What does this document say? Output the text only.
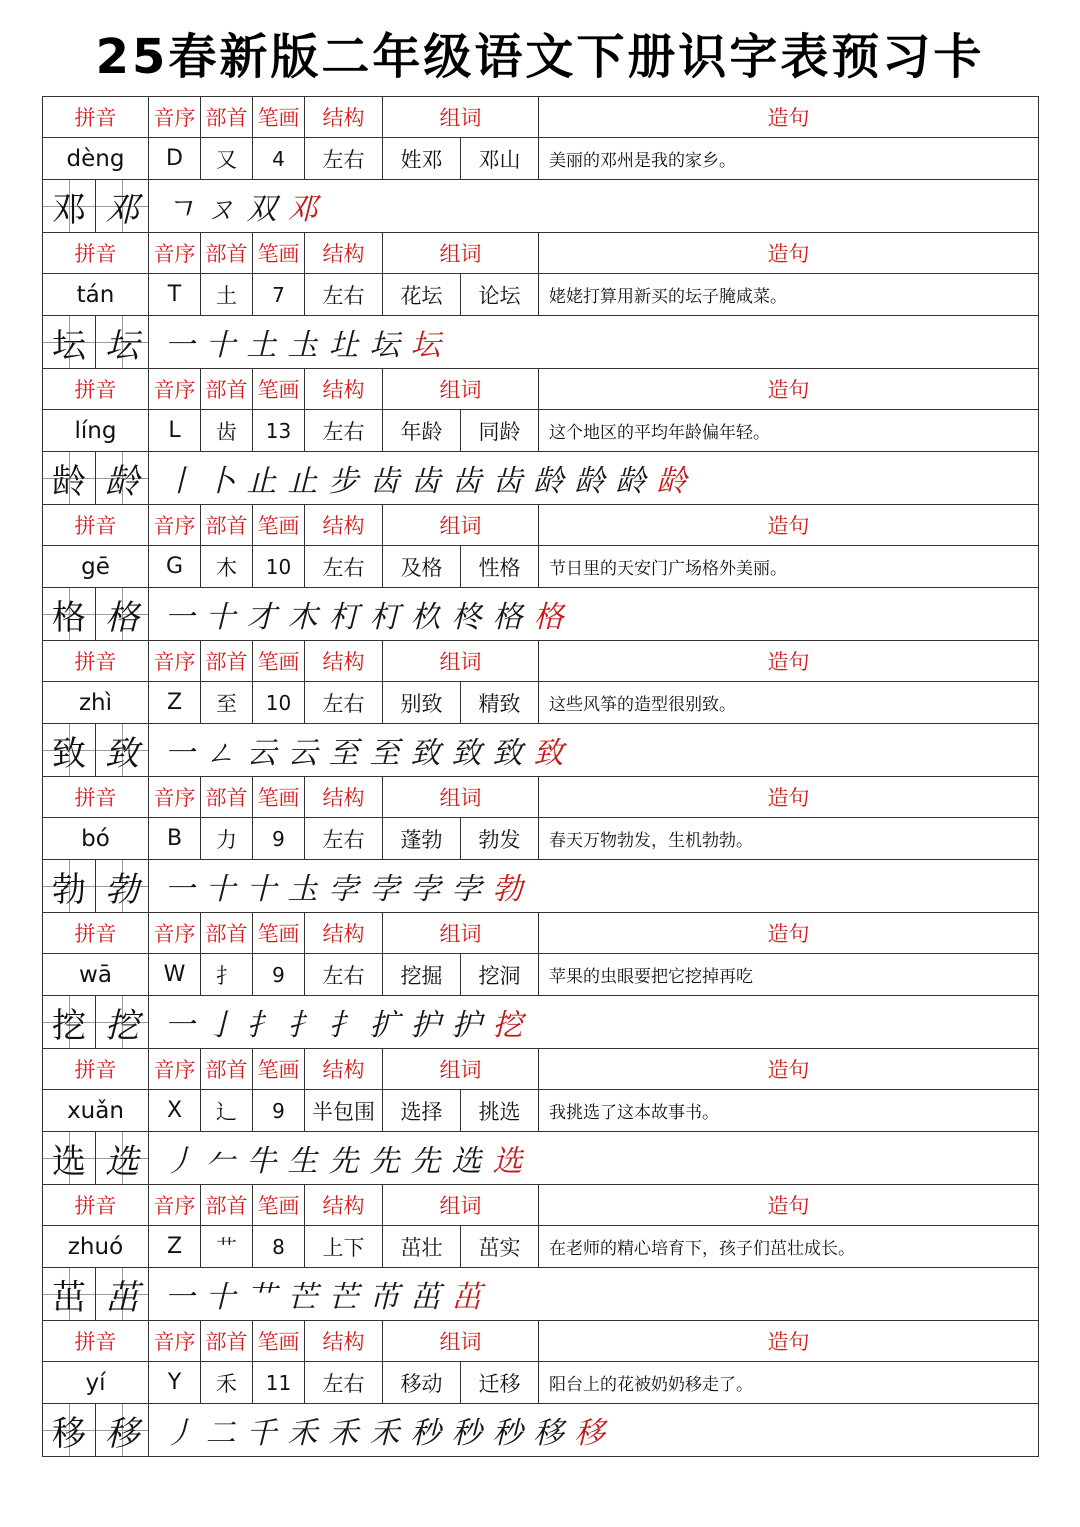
25春新版二年级语文下册识字表预习卡
拼音		音序	部首	笔画	结构	组词		造句
dèng		D	又	4	左右	姓邓	邓山	美丽的邓州是我的家乡。
邓	邓	ㄱ ㄡ 双 邓						
拼音		音序	部首	笔画	结构	组词		造句
tán		T	土	7	左右	花坛	论坛	姥姥打算用新买的坛子腌咸菜。
坛	坛	一 十 土 圡 圵 坛 坛						
拼音		音序	部首	笔画	结构	组词		造句
líng		L	齿	13	左右	年龄	同龄	这个地区的平均年龄偏年轻。
龄	龄	丨 卜 止 止 步 齿 齿 齿 齿 龄 龄 龄 龄						
拼音		音序	部首	笔画	结构	组词		造句
gē		G	木	10	左右	及格	性格	节日里的天安门广场格外美丽。
格	格	一 十 才 木 朾 朾 杦 柊 格 格						
拼音		音序	部首	笔画	结构	组词		造句
zhì		Z	至	10	左右	别致	精致	这些风筝的造型很别致。
致	致	一 ㄥ 云 云 至 至 致 致 致 致						
拼音		音序	部首	笔画	结构	组词		造句
bó		B	力	9	左右	蓬勃	勃发	春天万物勃发，生机勃勃。
勃	勃	一 十 十 圡 孛 孛 孛 孛 勃						
拼音		音序	部首	笔画	结构	组词		造句
wā		W	扌	9	左右	挖掘	挖洞	苹果的虫眼要把它挖掉再吃
挖	挖	一 亅 扌 扌 扌 扩 护 护 挖						
拼音		音序	部首	笔画	结构	组词		造句
xuǎn		X	辶	9	半包围	选择	挑选	我挑选了这本故事书。
选	选	丿 𠂉 牛 生 先 先 先 选 选						
拼音		音序	部首	笔画	结构	组词		造句
zhuó		Z	艹	8	上下	茁壮	茁实	在老师的精心培育下，孩子们茁壮成长。
茁	茁	一 十 艹 芒 芒 芇 茁 茁						
拼音		音序	部首	笔画	结构	组词		造句
yí		Y	禾	11	左右	移动	迁移	阳台上的花被奶奶移走了。
移	移	丿 二 千 禾 禾 禾 秒 秒 秒 移 移						
